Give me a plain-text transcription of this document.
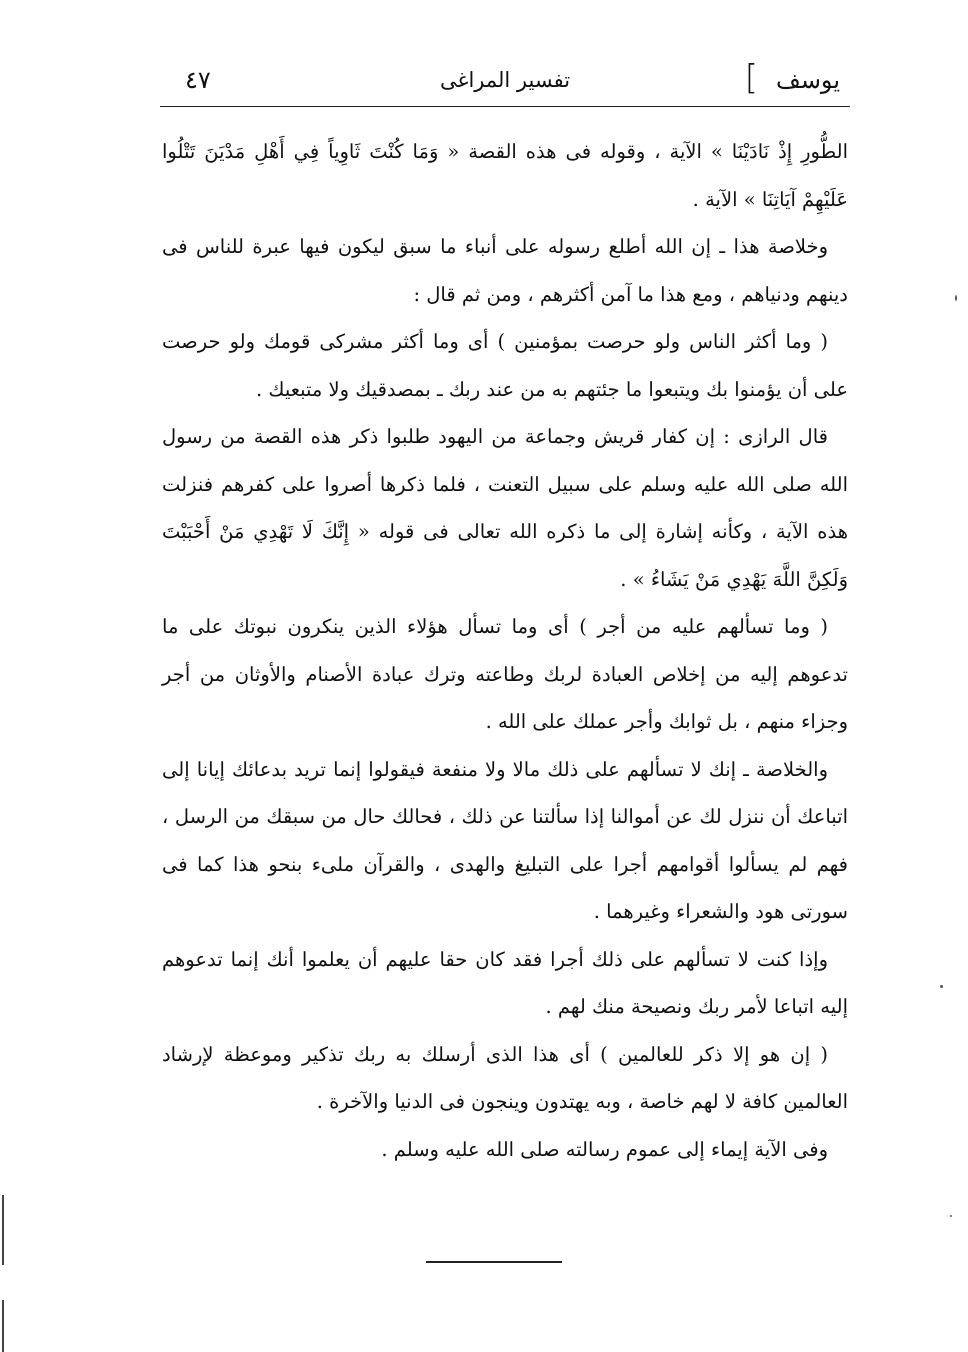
يوسف
]
تفسير المراغى
٤٧

الطُّورِ إِذْ نَادَيْنَا » الآية ، وقوله فى هذه القصة « وَمَا كُنْتَ ثَاوِياً فِي أَهْلِ مَدْيَنَ تَتْلُوا عَلَيْهِمْ آيَاتِنَا » الآية .

وخلاصة هذا ـ إن الله أطلع رسوله على أنباء ما سبق ليكون فيها عبرة للناس فى دينهم ودنياهم ، ومع هذا ما آمن أكثرهم ، ومن ثم قال :

( وما أكثر الناس ولو حرصت بمؤمنين ) أى وما أكثر مشركى قومك ولو حرصت على أن يؤمنوا بك ويتبعوا ما جئتهم به من عند ربك ـ بمصدقيك ولا متبعيك .

قال الرازى : إن كفار قريش وجماعة من اليهود طلبوا ذكر هذه القصة من رسول الله صلى الله عليه وسلم على سبيل التعنت ، فلما ذكرها أصروا على كفرهم فنزلت هذه الآية ، وكأنه إشارة إلى ما ذكره الله تعالى فى قوله « إِنَّكَ لَا تَهْدِي مَنْ أَحْبَبْتَ وَلَكِنَّ اللَّهَ يَهْدِي مَنْ يَشَاءُ » .

( وما تسألهم عليه من أجر ) أى وما تسأل هؤلاء الذين ينكرون نبوتك على ما تدعوهم إليه من إخلاص العبادة لربك وطاعته وترك عبادة الأصنام والأوثان من أجر وجزاء منهم ، بل ثوابك وأجر عملك على الله .

والخلاصة ـ إنك لا تسألهم على ذلك مالا ولا منفعة فيقولوا إنما تريد بدعائك إيانا إلى اتباعك أن ننزل لك عن أموالنا إذا سألتنا عن ذلك ، فحالك حال من سبقك من الرسل ، فهم لم يسألوا أقوامهم أجرا على التبليغ والهدى ، والقرآن ملىء بنحو هذا كما فى سورتى هود والشعراء وغيرهما .

وإذا كنت لا تسألهم على ذلك أجرا فقد كان حقا عليهم أن يعلموا أنك إنما تدعوهم إليه اتباعا لأمر ربك ونصيحة منك لهم .

( إن هو إلا ذكر للعالمين ) أى هذا الذى أرسلك به ربك تذكير وموعظة لإرشاد العالمين كافة لا لهم خاصة ، وبه يهتدون وينجون فى الدنيا والآخرة .

وفى الآية إيماء إلى عموم رسالته صلى الله عليه وسلم .
